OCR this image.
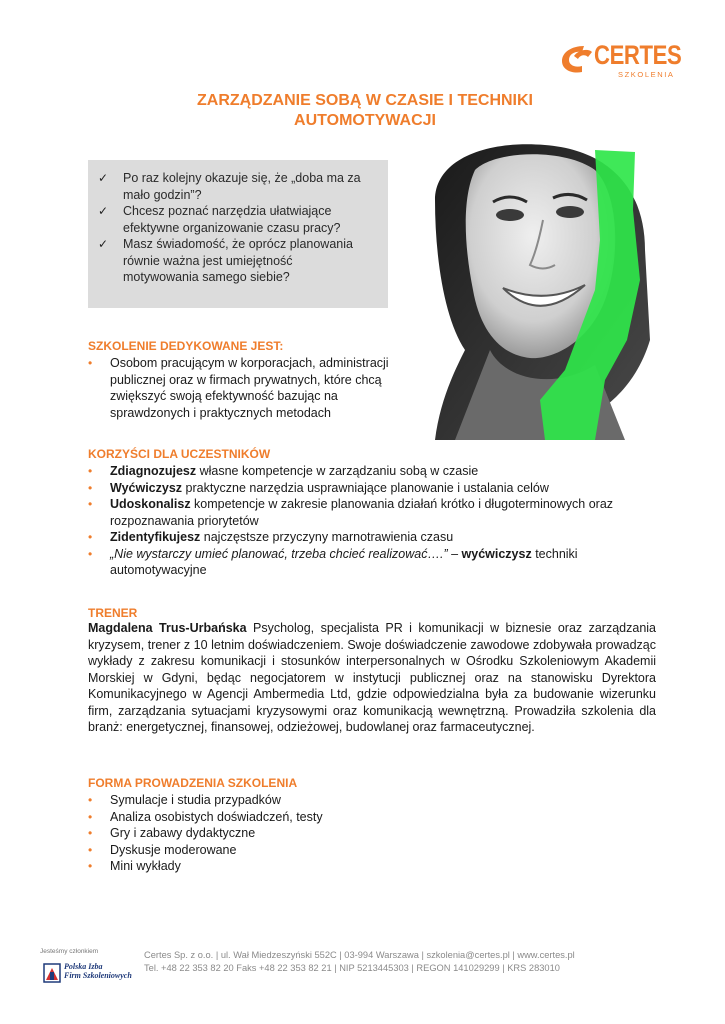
CERTES
SZKOLENIA
ZARZĄDZANIE SOBĄ W CZASIE I TECHNIKI
AUTOMOTYWACJI
✓ Po raz kolejny okazuje się, że „doba ma za
mało godzin”?
✓ Chcesz poznać narzędzia ułatwiające
efektywne organizowanie czasu pracy?
✓ Masz świadomość, że oprócz planowania
równie ważna jest umiejętność
motywowania samego siebie?
SZKOLENIE DEDYKOWANE JEST:
• Osobom pracującym w korporacjach, administracji
publicznej oraz w firmach prywatnych, które chcą
zwiększyć swoją efektywność bazując na
sprawdzonych i praktycznych metodach
KORZYŚCI DLA UCZESTNIKÓW
• Zdiagnozujesz własne kompetencje w zarządzaniu sobą w czasie
• Wyćwiczysz praktyczne narzędzia usprawniające planowanie i ustalania celów
• Udoskonalisz kompetencje w zakresie planowania działań krótko i długoterminowych oraz
rozpoznawania priorytetów
• Zidentyfikujesz najczęstsze przyczyny marnotrawienia czasu
• „Nie wystarczy umieć planować, trzeba chcieć realizować….” – wyćwiczysz techniki
automotywacyjne
TRENER
Magdalena Trus-Urbańska Psycholog, specjalista PR i komunikacji w biznesie oraz zarządzania kryzysem, trener z 10 letnim doświadczeniem. Swoje doświadczenie zawodowe zdobywała prowadząc wykłady z zakresu komunikacji i stosunków interpersonalnych w Ośrodku Szkoleniowym Akademii Morskiej w Gdyni, będąc negocjatorem w instytucji publicznej oraz na stanowisku Dyrektora Komunikacyjnego w Agencji Ambermedia Ltd, gdzie odpowiedzialna była za budowanie wizerunku firm, zarządzania sytuacjami kryzysowymi oraz komunikacją wewnętrzną. Prowadziła szkolenia dla branż: energetycznej, finansowej, odzieżowej, budowlanej oraz farmaceutycznej.
FORMA PROWADZENIA SZKOLENIA
• Symulacje i studia przypadków
• Analiza osobistych doświadczeń, testy
• Gry i zabawy dydaktyczne
• Dyskusje moderowane
• Mini wykłady
Jesteśmy członkiem
Polska Izba
Firm Szkoleniowych
Certes Sp. z o.o. | ul. Wał Miedzeszyński 552C | 03-994 Warszawa | szkolenia@certes.pl | www.certes.pl
Tel. +48 22 353 82 20 Faks +48 22 353 82 21 | NIP 5213445303 | REGON 141029299 | KRS 283010
